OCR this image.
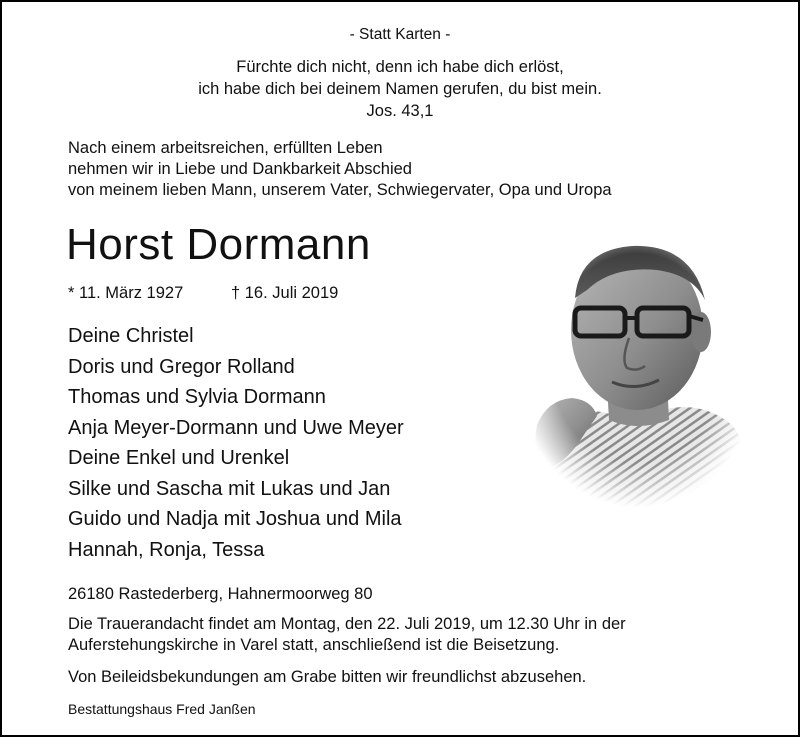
- Statt Karten -
Fürchte dich nicht, denn ich habe dich erlöst,
ich habe dich bei deinem Namen gerufen, du bist mein.
Jos. 43,1
Nach einem arbeitsreichen, erfüllten Leben
nehmen wir in Liebe und Dankbarkeit Abschied
von meinem lieben Mann, unserem Vater, Schwiegervater, Opa und Uropa
Horst Dormann
* 11. März 1927	† 16. Juli 2019
Deine Christel
Doris und Gregor Rolland
Thomas und Sylvia Dormann
Anja Meyer-Dormann und Uwe Meyer
Deine Enkel und Urenkel
Silke und Sascha mit Lukas und Jan
Guido und Nadja mit Joshua und Mila
Hannah, Ronja, Tessa
26180 Rastederberg, Hahnermoorweg 80
Die Trauerandacht findet am Montag, den 22. Juli 2019, um 12.30 Uhr in der
Auferstehungskirche in Varel statt, anschließend ist die Beisetzung.
Von Beileidsbekundungen am Grabe bitten wir freundlichst abzusehen.
Bestattungshaus Fred Janßen
